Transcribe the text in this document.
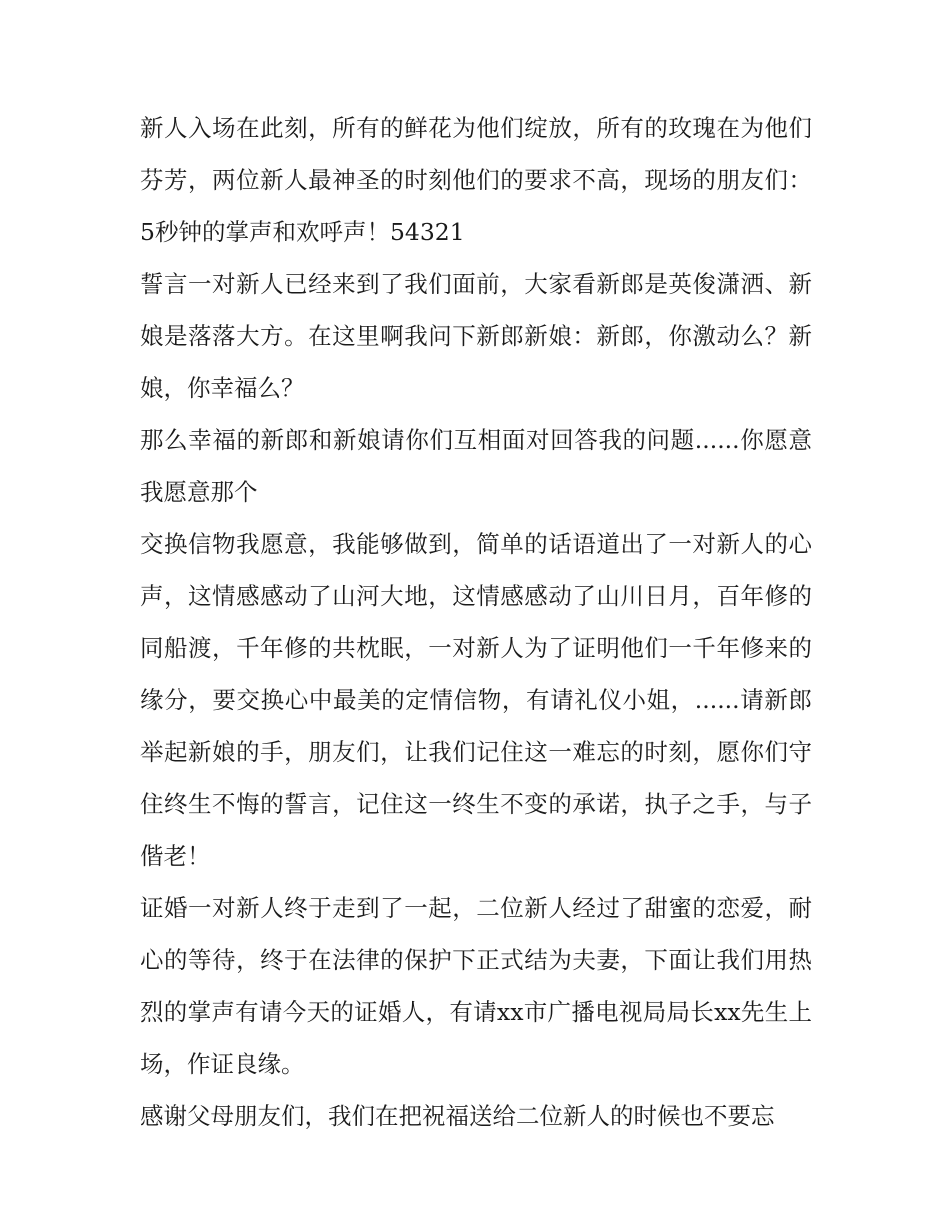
新人入场在此刻，所有的鲜花为他们绽放，所有的玫瑰在为他们芬芳，两位新人最神圣的时刻他们的要求不高，现场的朋友们：5秒钟的掌声和欢呼声！54321

誓言一对新人已经来到了我们面前，大家看新郎是英俊潇洒、新娘是落落大方。在这里啊我问下新郎新娘：新郎，你激动么？新娘，你幸福么？

那么幸福的新郎和新娘请你们互相面对回答我的问题......你愿意我愿意那个

交换信物我愿意，我能够做到，简单的话语道出了一对新人的心声，这情感感动了山河大地，这情感感动了山川日月，百年修的同船渡，千年修的共枕眠，一对新人为了证明他们一千年修来的缘分，要交换心中最美的定情信物，有请礼仪小姐，......请新郎举起新娘的手，朋友们，让我们记住这一难忘的时刻，愿你们守住终生不悔的誓言，记住这一终生不变的承诺，执子之手，与子偕老！

证婚一对新人终于走到了一起，二位新人经过了甜蜜的恋爱，耐心的等待，终于在法律的保护下正式结为夫妻，下面让我们用热烈的掌声有请今天的证婚人，有请xx市广播电视局局长xx先生上场，作证良缘。

感谢父母朋友们，我们在把祝福送给二位新人的时候也不要忘
